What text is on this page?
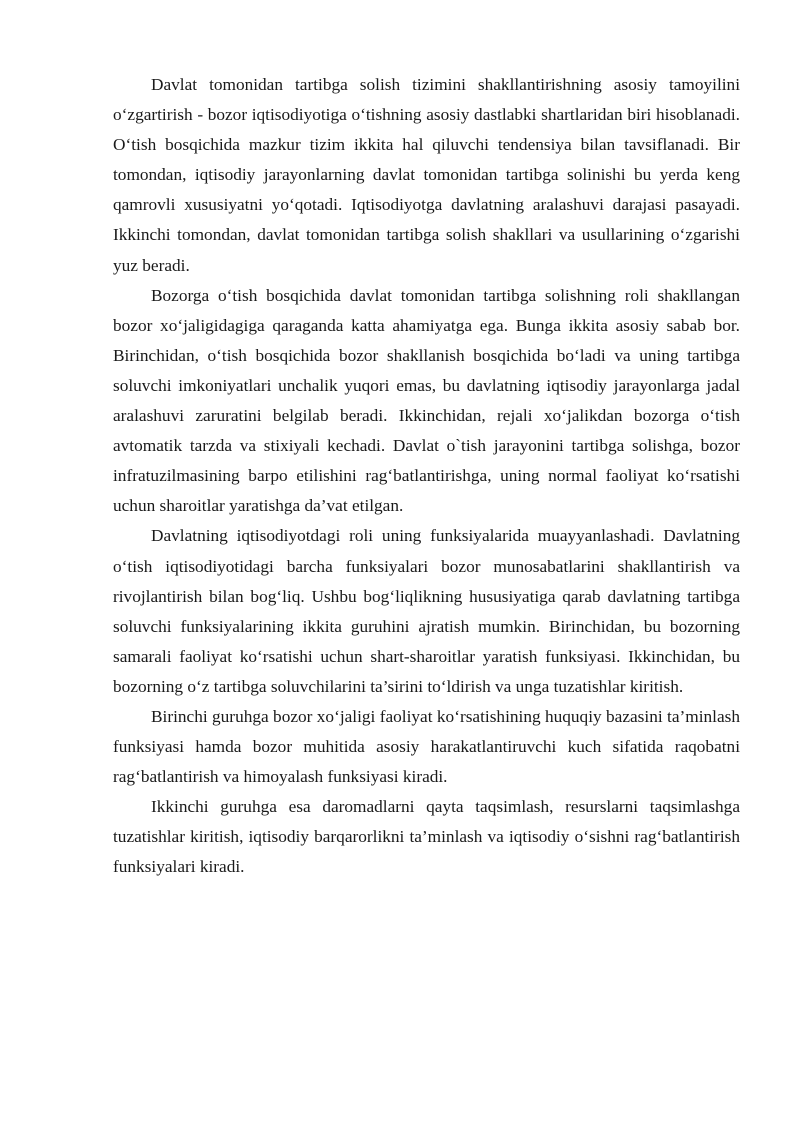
Davlat tomonidan tartibga solish tizimini shakllantirishning asosiy tamoyilini o‘zgartirish - bozor iqtisodiyotiga o‘tishning asosiy dastlabki shartlaridan biri hisoblanadi. O‘tish bosqichida mazkur tizim ikkita hal qiluvchi tendensiya bilan tavsiflanadi. Bir tomondan, iqtisodiy jarayonlarning davlat tomonidan tartibga solinishi bu yerda keng qamrovli xususiyatni yo‘qotadi. Iqtisodiyotga davlatning aralashuvi darajasi pasayadi. Ikkinchi tomondan, davlat tomonidan tartibga solish shakllari va usullarining o‘zgarishi yuz beradi.

Bozorga o‘tish bosqichida davlat tomonidan tartibga solishning roli shakllangan bozor xo‘jaligidagiga qaraganda katta ahamiyatga ega. Bunga ikkita asosiy sabab bor. Birinchidan, o‘tish bosqichida bozor shakllanish bosqichida bo‘ladi va uning tartibga soluvchi imkoniyatlari unchalik yuqori emas, bu davlatning iqtisodiy jarayonlarga jadal aralashuvi zaruratini belgilab beradi. Ikkinchidan, rejali xo‘jalikdan bozorga o‘tish avtomatik tarzda va stixiyali kechadi. Davlat o`tish jarayonini tartibga solishga, bozor infratuzilmasining barpo etilishini rag‘batlantirishga, uning normal faoliyat ko‘rsatishi uchun sharoitlar yaratishga da’vat etilgan.

Davlatning iqtisodiyotdagi roli uning funksiyalarida muayyanlashadi. Davlatning o‘tish iqtisodiyotidagi barcha funksiyalari bozor munosabatlarini shakllantirish va rivojlantirish bilan bog‘liq. Ushbu bog‘liqlikning hususiyatiga qarab davlatning tartibga soluvchi funksiyalarining ikkita guruhini ajratish mumkin. Birinchidan, bu bozorning samarali faoliyat ko‘rsatishi uchun shart-sharoitlar yaratish funksiyasi. Ikkinchidan, bu bozorning o‘z tartibga soluvchilarini ta’sirini to‘ldirish va unga tuzatishlar kiritish.

Birinchi guruhga bozor xo‘jaligi faoliyat ko‘rsatishining huquqiy bazasini ta’minlash funksiyasi hamda bozor muhitida asosiy harakatlantiruvchi kuch sifatida raqobatni rag‘batlantirish va himoyalash funksiyasi kiradi.

Ikkinchi guruhga esa daromadlarni qayta taqsimlash, resurslarni taqsimlashga tuzatishlar kiritish, iqtisodiy barqarorlikni ta’minlash va iqtisodiy o‘sishni rag‘batlantirish funksiyalari kiradi.
